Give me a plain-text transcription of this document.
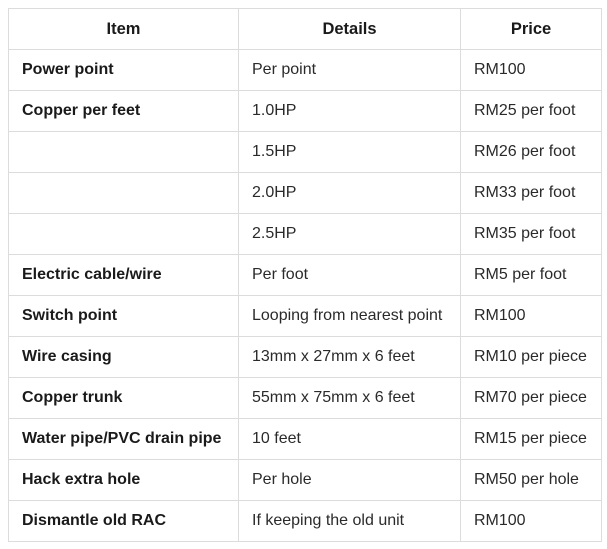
Item	Details	Price
Power point	Per point	RM100
Copper per feet	1.0HP	RM25 per foot
	1.5HP	RM26 per foot
	2.0HP	RM33 per foot
	2.5HP	RM35 per foot
Electric cable/wire	Per foot	RM5 per foot
Switch point	Looping from nearest point	RM100
Wire casing	13mm x 27mm x 6 feet	RM10 per piece
Copper trunk	55mm x 75mm x 6 feet	RM70 per piece
Water pipe/PVC drain pipe	10 feet	RM15 per piece
Hack extra hole	Per hole	RM50 per hole
Dismantle old RAC	If keeping the old unit	RM100
